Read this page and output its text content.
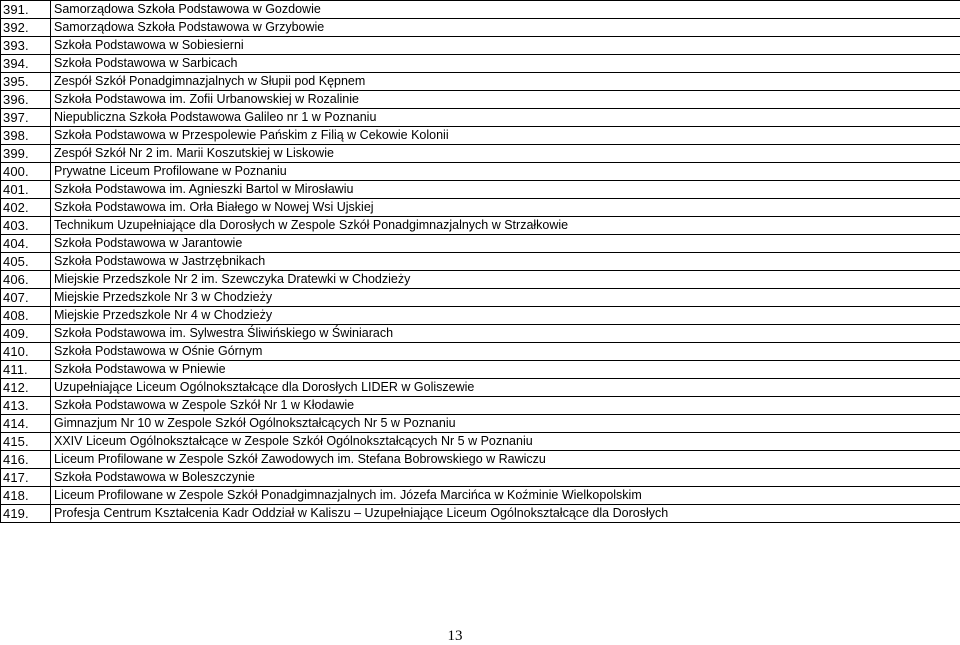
391.	Samorządowa Szkoła Podstawowa w Gozdowie
392.	Samorządowa Szkoła Podstawowa w Grzybowie
393.	Szkoła Podstawowa w Sobiesierni
394.	Szkoła Podstawowa w Sarbicach
395.	Zespół Szkół Ponadgimnazjalnych w Słupii pod Kępnem
396.	Szkoła Podstawowa im. Zofii Urbanowskiej w Rozalinie
397.	Niepubliczna Szkoła Podstawowa Galileo nr 1 w Poznaniu
398.	Szkoła Podstawowa w Przespolewie Pańskim z Filią w Cekowie Kolonii
399.	Zespół Szkół Nr 2 im. Marii Koszutskiej w Liskowie
400.	Prywatne Liceum Profilowane w Poznaniu
401.	Szkoła Podstawowa im. Agnieszki Bartol w Mirosławiu
402.	Szkoła Podstawowa im. Orła Białego w Nowej Wsi Ujskiej
403.	Technikum Uzupełniające dla Dorosłych w Zespole Szkół Ponadgimnazjalnych w Strzałkowie
404.	Szkoła Podstawowa w Jarantowie
405.	Szkoła Podstawowa w Jastrzębnikach
406.	Miejskie Przedszkole Nr 2 im. Szewczyka Dratewki w Chodzieży
407.	Miejskie Przedszkole Nr 3 w Chodzieży
408.	Miejskie Przedszkole Nr 4 w Chodzieży
409.	Szkoła Podstawowa im. Sylwestra Śliwińskiego w Świniarach
410.	Szkoła Podstawowa w Ośnie Górnym
411.	Szkoła Podstawowa w Pniewie
412.	Uzupełniające Liceum Ogólnokształcące dla Dorosłych LIDER w Goliszewie
413.	Szkoła Podstawowa w Zespole Szkół Nr 1 w Kłodawie
414.	Gimnazjum Nr 10 w Zespole Szkół Ogólnokształcących Nr 5 w Poznaniu
415.	XXIV Liceum Ogólnokształcące w Zespole Szkół Ogólnokształcących Nr 5 w Poznaniu
416.	Liceum Profilowane w Zespole Szkół Zawodowych im. Stefana Bobrowskiego w Rawiczu
417.	Szkoła Podstawowa w Boleszczynie
418.	Liceum Profilowane w Zespole Szkół Ponadgimnazjalnych im. Józefa Marcińca w Koźminie Wielkopolskim
419.	Profesja Centrum Kształcenia Kadr Oddział w Kaliszu – Uzupełniające Liceum Ogólnokształcące dla Dorosłych
13
